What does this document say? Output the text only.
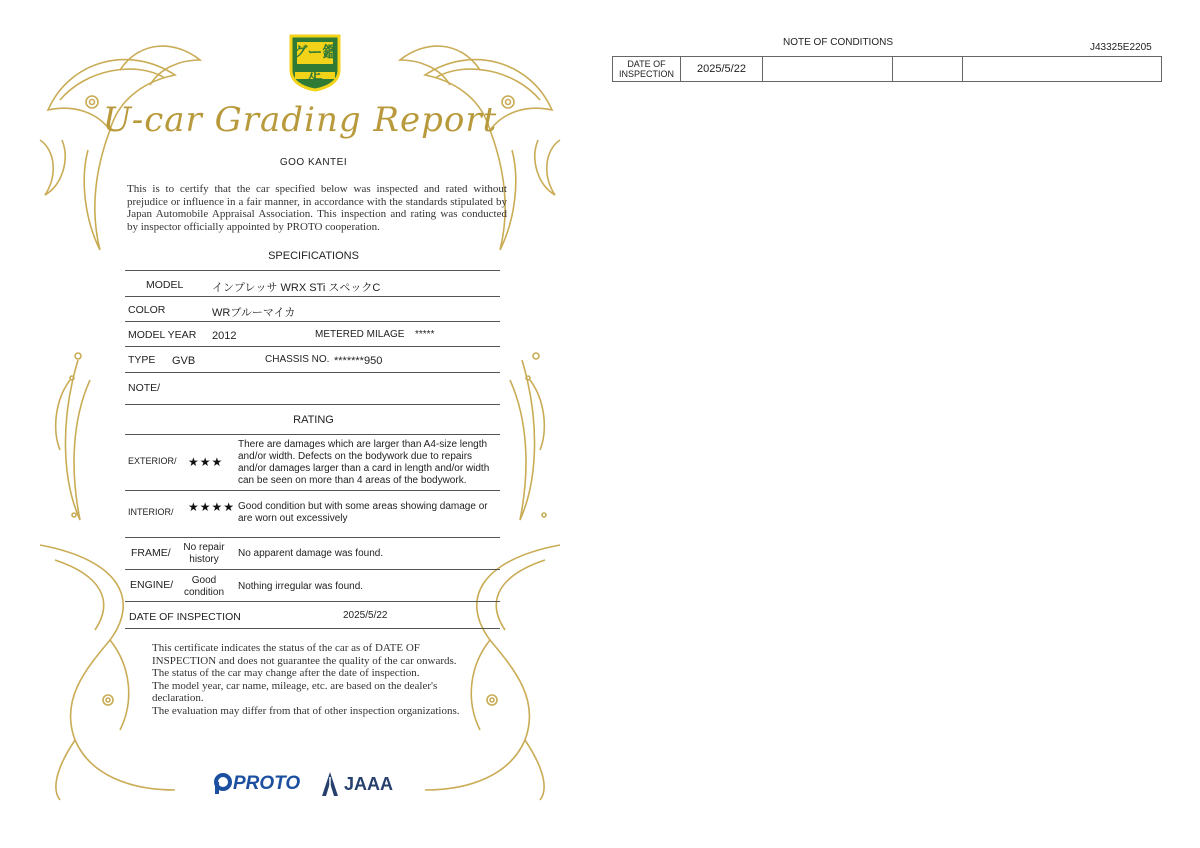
グー鑑定
U-car Grading Report
GOO KANTEI
This is to certify that the car specified below was inspected and rated without prejudice or influence in a fair manner, in accordance with the standards stipulated by Japan Automobile Appraisal Association. This inspection and rating was conducted by inspector officially appointed by PROTO cooperation.
SPECIFICATIONS
MODEL	インプレッサ WRX STi スペックC
COLOR	WRブルーマイカ
MODEL YEAR 2012	METERED MILAGE *****
TYPE GVB	CHASSIS NO. *******950
NOTE/
RATING
EXTERIOR/ ★★★
There are damages which are larger than A4-size length and/or width. Defects on the bodywork due to repairs and/or damages larger than a card in length and/or width can be seen on more than 4 areas of the bodywork.
INTERIOR/ ★★★★ Good condition but with some areas showing damage or are worn out excessively
FRAME/	No repair
history
No apparent damage was found.
ENGINE/	Good
condition
Nothing irregular was found.
DATE OF INSPECTION	2025/5/22
This certificate indicates the status of the car as of DATE OF
INSPECTION and does not guarantee the quality of the car onwards.
The status of the car may change after the date of inspection.
The model year, car name, mileage, etc. are based on the dealer's
declaration.
The evaluation may differ from that of other inspection organizations.
PROTO JAAA
NOTE OF CONDITIONS	J43325E2205
DATE OF
INSPECTION	2025/5/22
